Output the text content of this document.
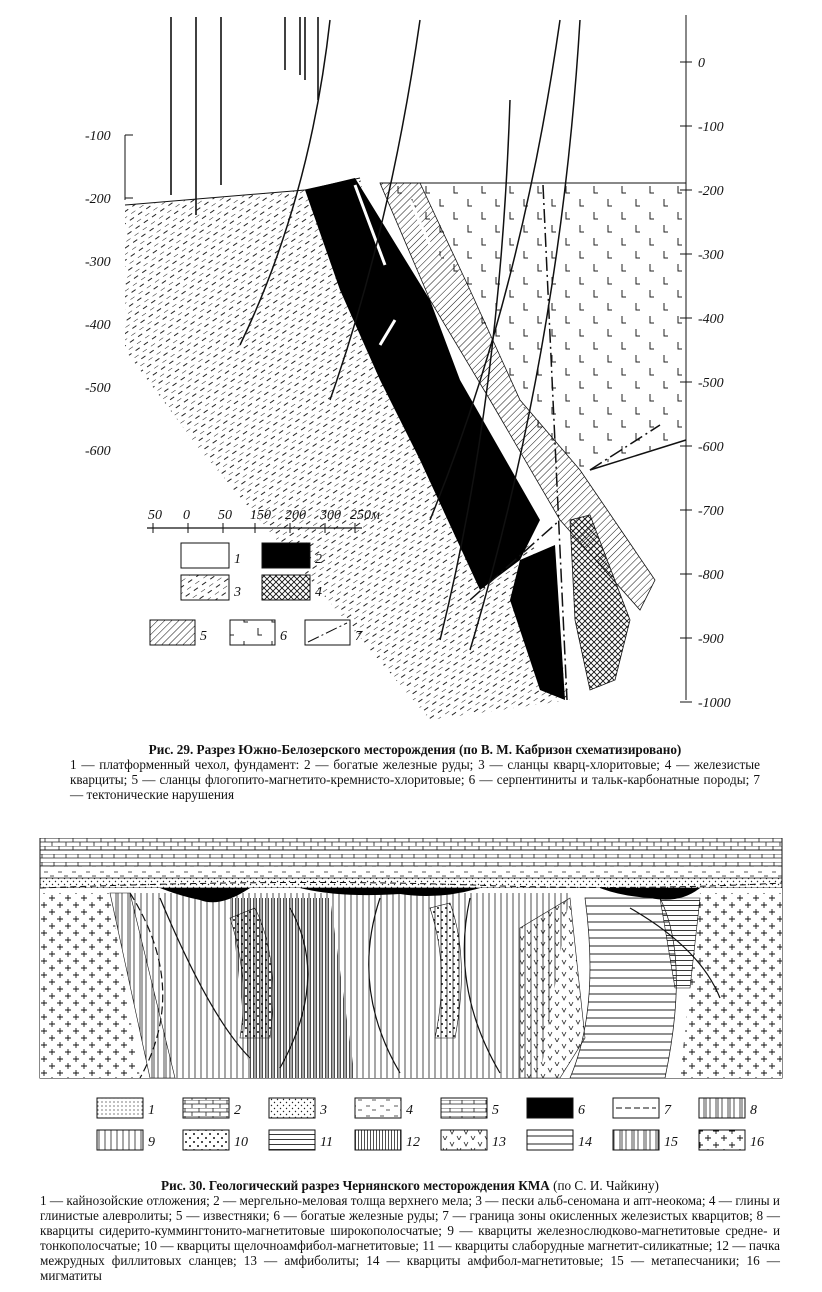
-100
-200
-300
-400
-500
-600
0
-100
-200
-300
-400
-500
-600
-700
-800
-900
-1000
50 0 50 150 200 300 250м
1	2
3	4
5	6	7

Рис. 29. Разрез Южно-Белозерского месторождения (по В. М. Кабризон схематизировано)

1 — платформенный чехол, фундамент: 2 — богатые железные руды; 3 — сланцы кварц-хлоритовые; 4 — железистые кварциты; 5 — сланцы флогопито-магнетито-кремнисто-хлоритовые; 6 — серпентиниты и тальк-карбонатные породы; 7 — тектонические нарушения

1	2	3	4	5	6	7	8
9	10	11	12	13	14	15	16

Рис. 30. Геологический разрез Чернянского месторождения КМА (по С. И. Чайкину)

1 — кайнозойские отложения; 2 — мергельно-меловая толща верхнего мела; 3 — пески альб-сеномана и апт-неокома; 4 — глины и глинистые алевролиты; 5 — известняки; 6 — богатые железные руды; 7 — граница зоны окисленных железистых кварцитов; 8 — кварциты сидерито-куммингтонито-магнетитовые широкополосчатые; 9 — кварциты железнослюдково-магнетитовые средне- и тонкополосчатые; 10 — кварциты щелочноамфибол-магнетитовые; 11 — кварциты слаборудные магнетит-силикатные; 12 — пачка межрудных филлитовых сланцев; 13 — амфиболиты; 14 — кварциты амфибол-магнетитовые; 15 — метапесчаники; 16 — мигматиты
